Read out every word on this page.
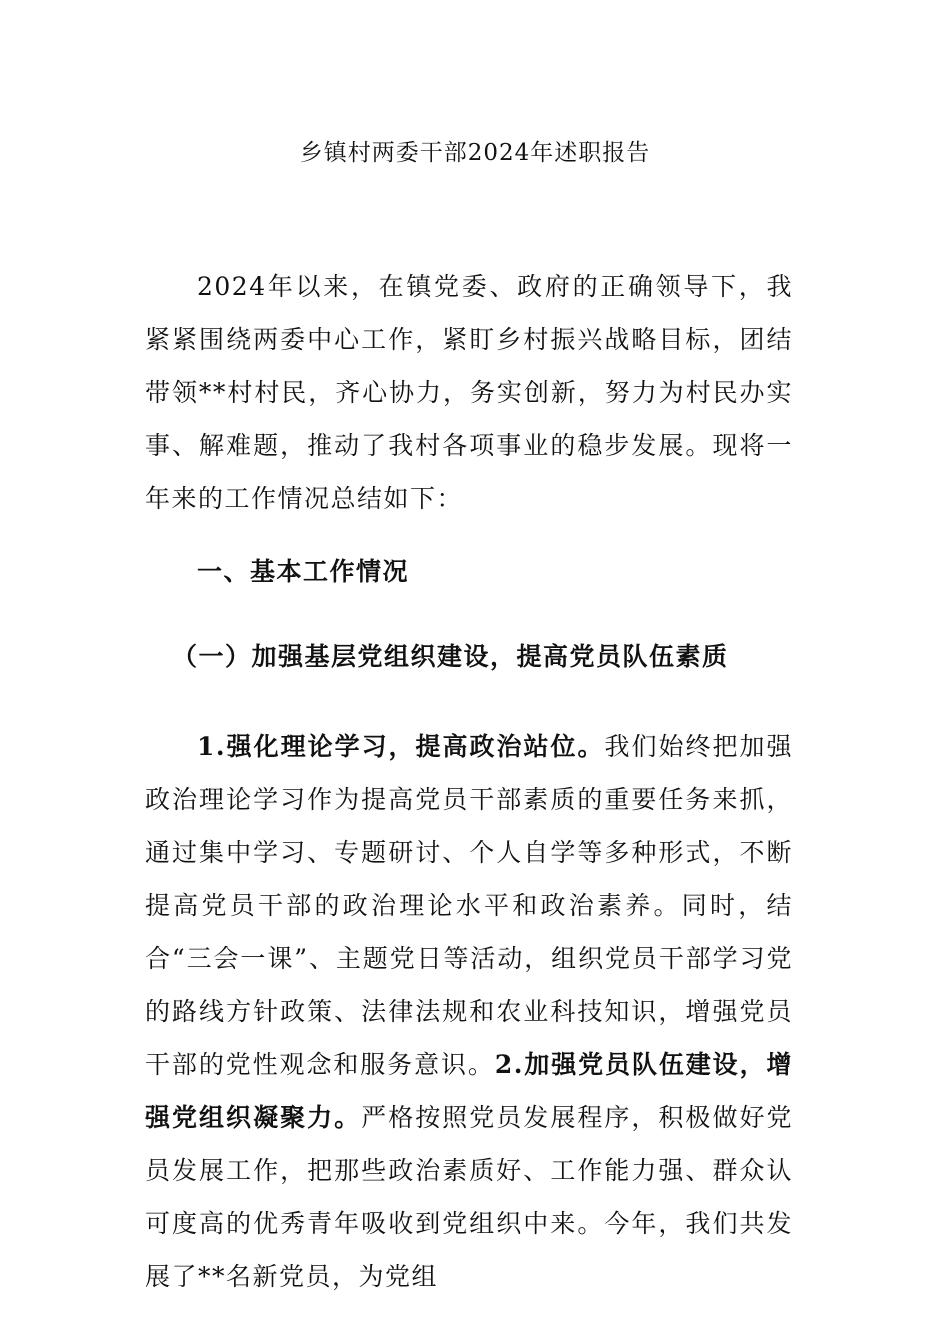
乡镇村两委干部2024年述职报告

2024年以来，在镇党委、政府的正确领导下，我紧紧围绕两委中心工作，紧盯乡村振兴战略目标，团结带领**村村民，齐心协力，务实创新，努力为村民办实事、解难题，推动了我村各项事业的稳步发展。现将一年来的工作情况总结如下：

一、基本工作情况
（一）加强基层党组织建设，提高党员队伍素质

1.强化理论学习，提高政治站位。我们始终把加强政治理论学习作为提高党员干部素质的重要任务来抓，通过集中学习、专题研讨、个人自学等多种形式，不断提高党员干部的政治理论水平和政治素养。同时，结合“三会一课”、主题党日等活动，组织党员干部学习党的路线方针政策、法律法规和农业科技知识，增强党员干部的党性观念和服务意识。2.加强党员队伍建设，增强党组织凝聚力。严格按照党员发展程序，积极做好党员发展工作，把那些政治素质好、工作能力强、群众认可度高的优秀青年吸收到党组织中来。今年，我们共发展了**名新党员，为党组
